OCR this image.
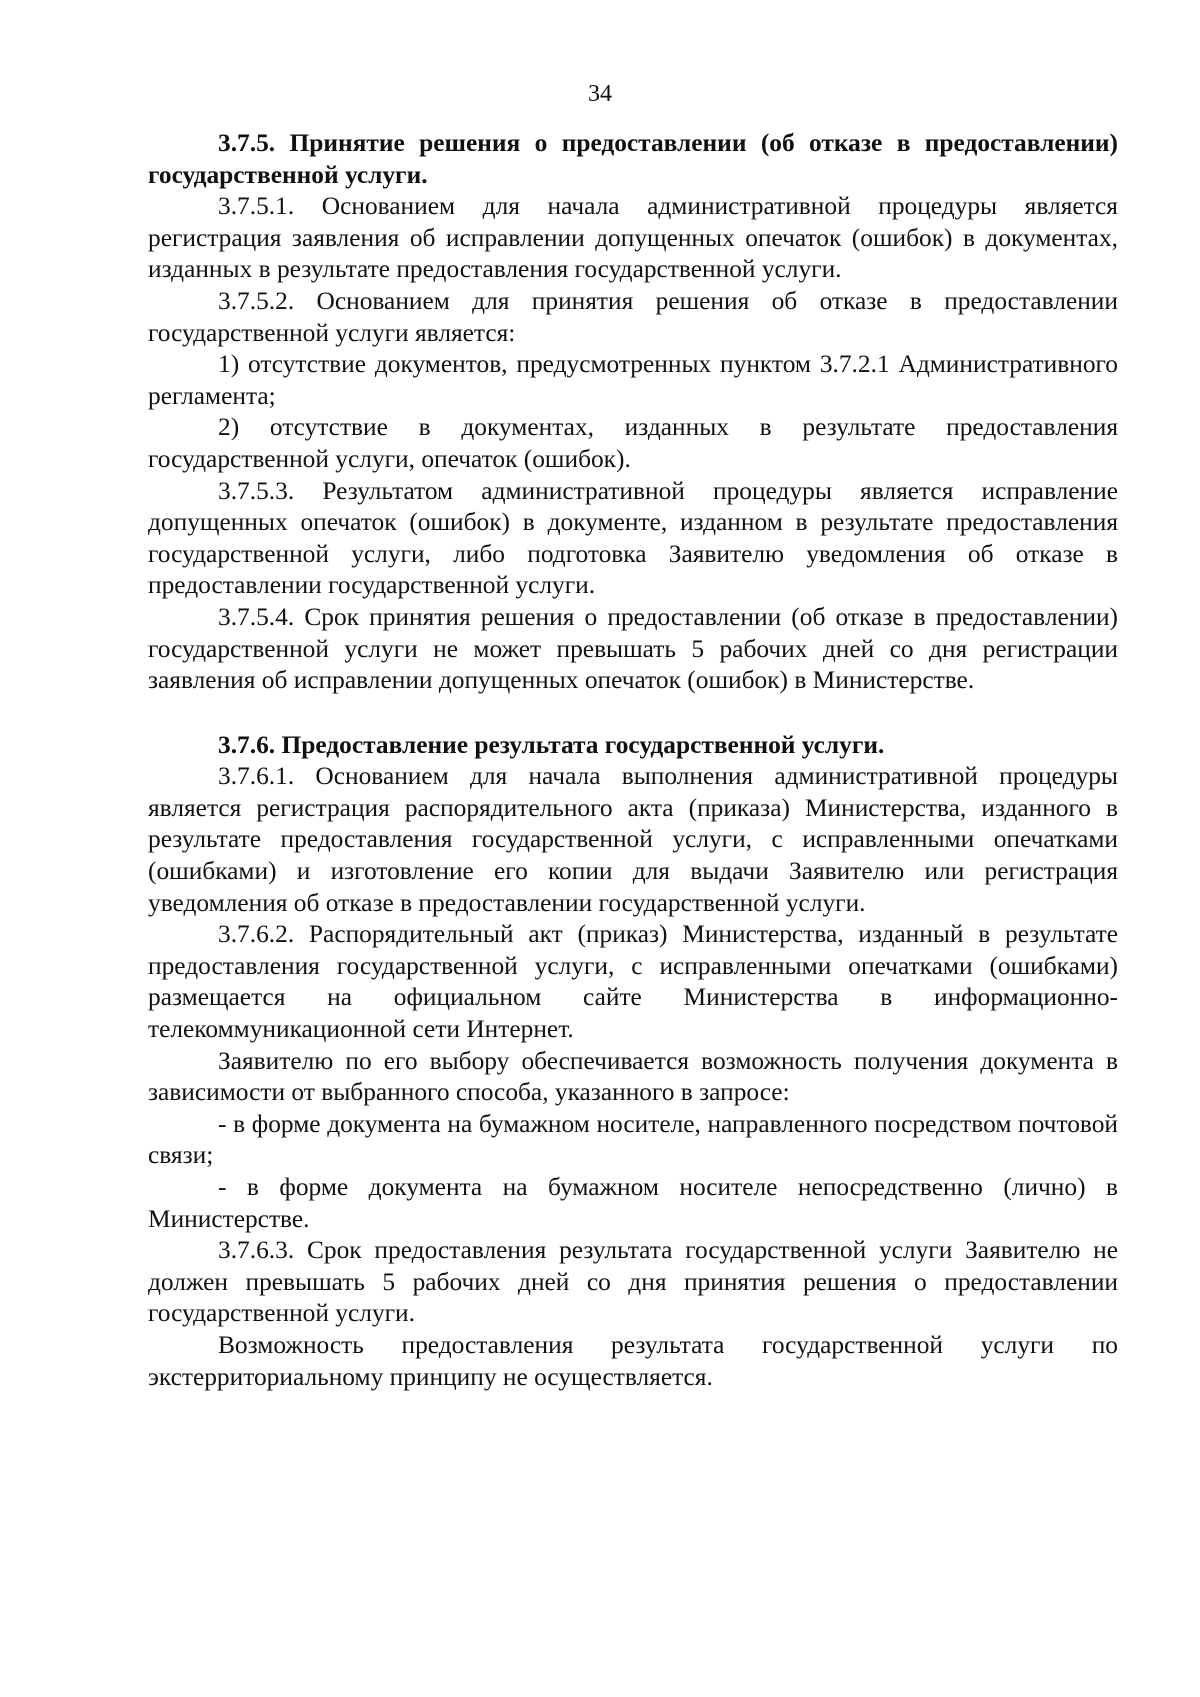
34

3.7.5. Принятие решения о предоставлении (об отказе в предоставлении) государственной услуги.

3.7.5.1. Основанием для начала административной процедуры является регистрация заявления об исправлении допущенных опечаток (ошибок) в документах, изданных в результате предоставления государственной услуги.

3.7.5.2. Основанием для принятия решения об отказе в предоставлении государственной услуги является:

1) отсутствие документов, предусмотренных пунктом 3.7.2.1 Административного регламента;

2) отсутствие в документах, изданных в результате предоставления государственной услуги, опечаток (ошибок).

3.7.5.3. Результатом административной процедуры является исправление допущенных опечаток (ошибок) в документе, изданном в результате предоставления государственной услуги, либо подготовка Заявителю уведомления об отказе в предоставлении государственной услуги.

3.7.5.4. Срок принятия решения о предоставлении (об отказе в предоставлении) государственной услуги не может превышать 5 рабочих дней со дня регистрации заявления об исправлении допущенных опечаток (ошибок) в Министерстве.

3.7.6. Предоставление результата государственной услуги.

3.7.6.1. Основанием для начала выполнения административной процедуры является регистрация распорядительного акта (приказа) Министерства, изданного в результате предоставления государственной услуги, с исправленными опечатками (ошибками) и изготовление его копии для выдачи Заявителю или регистрация уведомления об отказе в предоставлении государственной услуги.

3.7.6.2. Распорядительный акт (приказ) Министерства, изданный в результате предоставления государственной услуги, с исправленными опечатками (ошибками) размещается на официальном сайте Министерства в информационно-телекоммуникационной сети Интернет.

Заявителю по его выбору обеспечивается возможность получения документа в зависимости от выбранного способа, указанного в запросе:

- в форме документа на бумажном носителе, направленного посредством почтовой связи;

- в форме документа на бумажном носителе непосредственно (лично) в Министерстве.

3.7.6.3. Срок предоставления результата государственной услуги Заявителю не должен превышать 5 рабочих дней со дня принятия решения о предоставлении государственной услуги.

Возможность предоставления результата государственной услуги по экстерриториальному принципу не осуществляется.
